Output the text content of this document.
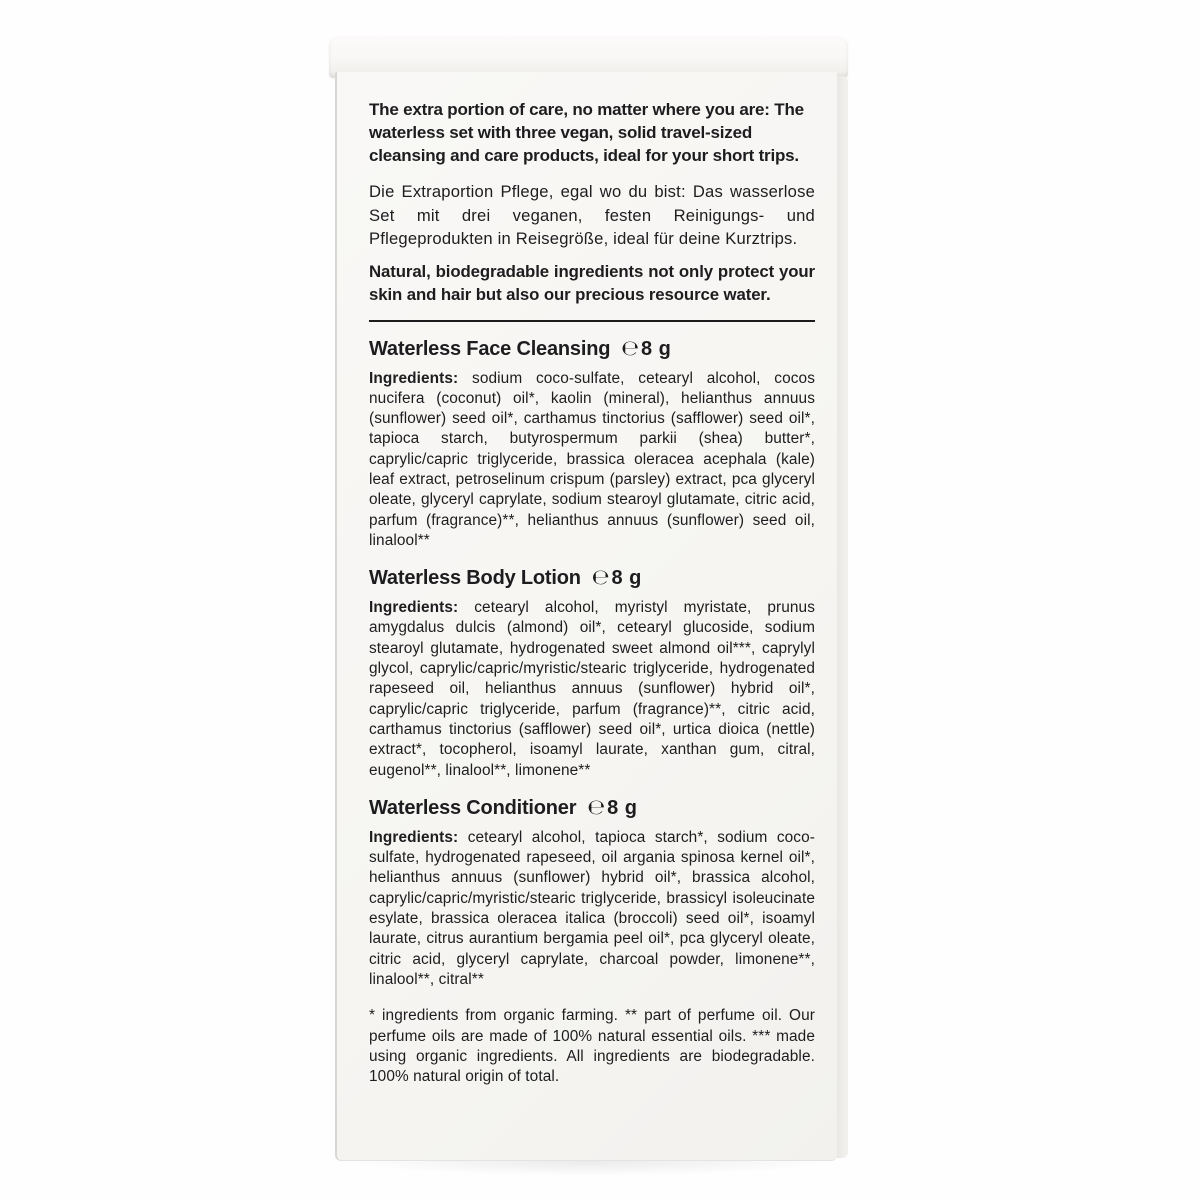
The extra portion of care, no matter where you are: The waterless set with three vegan, solid travel-sized cleansing and care products, ideal for your short trips.

Die Extraportion Pflege, egal wo du bist: Das wasserlose Set mit drei veganen, festen Reinigungs- und Pflegeprodukten in Reisegröße, ideal für deine Kurztrips.

Natural, biodegradable ingredients not only protect your skin and hair but also our precious resource water.

Waterless Face Cleansing ℮ 8 g

Ingredients: sodium coco-sulfate, cetearyl alcohol, cocos nucifera (coconut) oil*, kaolin (mineral), helianthus annuus (sunflower) seed oil*, carthamus tinctorius (safflower) seed oil*, tapioca starch, butyrospermum parkii (shea) butter*, caprylic/capric triglyceride, brassica oleracea acephala (kale) leaf extract, petroselinum crispum (parsley) extract, pca glyceryl oleate, glyceryl caprylate, sodium stearoyl glutamate, citric acid, parfum (fragrance)**, helianthus annuus (sunflower) seed oil, linalool**

Waterless Body Lotion ℮ 8 g

Ingredients: cetearyl alcohol, myristyl myristate, prunus amygdalus dulcis (almond) oil*, cetearyl glucoside, sodium stearoyl glutamate, hydrogenated sweet almond oil***, caprylyl glycol, caprylic/capric/myristic/stearic triglyceride, hydrogenated rapeseed oil, helianthus annuus (sunflower) hybrid oil*, caprylic/capric triglyceride, parfum (fragrance)**, citric acid, carthamus tinctorius (safflower) seed oil*, urtica dioica (nettle) extract*, tocopherol, isoamyl laurate, xanthan gum, citral, eugenol**, linalool**, limonene**

Waterless Conditioner ℮ 8 g

Ingredients: cetearyl alcohol, tapioca starch*, sodium coco-sulfate, hydrogenated rapeseed, oil argania spinosa kernel oil*, helianthus annuus (sunflower) hybrid oil*, brassica alcohol, caprylic/capric/myristic/stearic triglyceride, brassicyl isoleucinate esylate, brassica oleracea italica (broccoli) seed oil*, isoamyl laurate, citrus aurantium bergamia peel oil*, pca glyceryl oleate, citric acid, glyceryl caprylate, charcoal powder, limonene**, linalool**, citral**

* ingredients from organic farming. ** part of perfume oil. Our perfume oils are made of 100% natural essential oils. *** made using organic ingredients. All ingredients are biodegradable. 100% natural origin of total.
